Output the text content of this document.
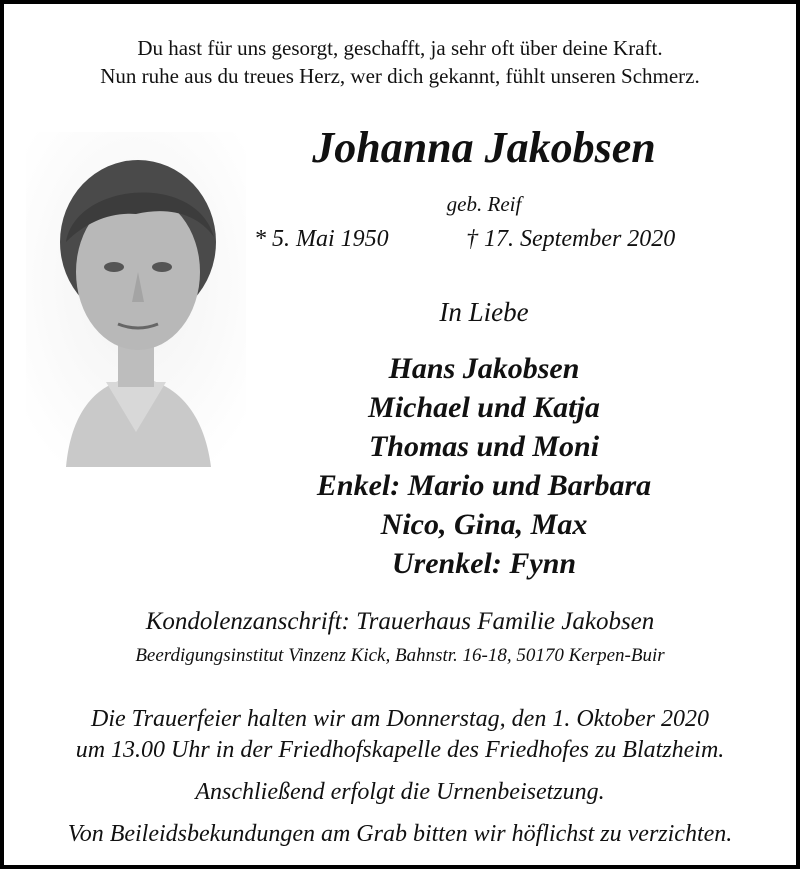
Du hast für uns gesorgt, geschafft, ja sehr oft über deine Kraft.
Nun ruhe aus du treues Herz, wer dich gekannt, fühlt unseren Schmerz.
Johanna Jakobsen
geb. Reif
* 5. Mai 1950	† 17. September 2020
In Liebe
Hans Jakobsen
Michael und Katja
Thomas und Moni
Enkel: Mario und Barbara
Nico, Gina, Max
Urenkel: Fynn
Kondolenzanschrift: Trauerhaus Familie Jakobsen
Beerdigungsinstitut Vinzenz Kick, Bahnstr. 16-18, 50170 Kerpen-Buir
Die Trauerfeier halten wir am Donnerstag, den 1. Oktober 2020
um 13.00 Uhr in der Friedhofskapelle des Friedhofes zu Blatzheim.
Anschließend erfolgt die Urnenbeisetzung.
Von Beileidsbekundungen am Grab bitten wir höflichst zu verzichten.
